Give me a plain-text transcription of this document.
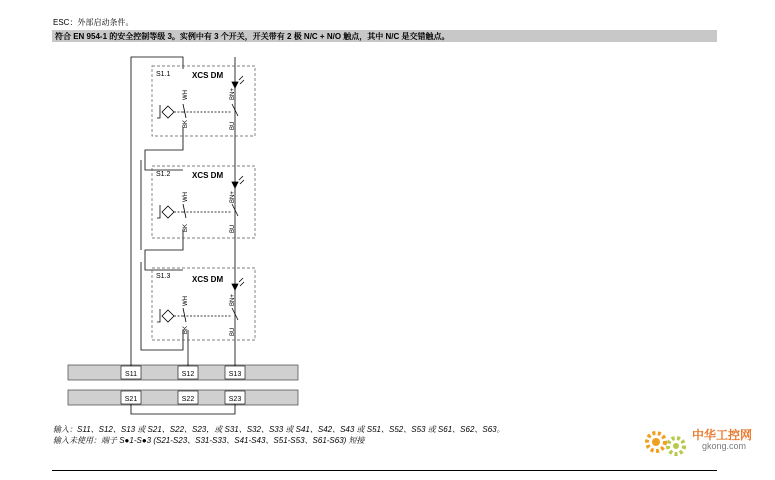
ESC：外部启动条件。
符合 EN 954-1 的安全控制等级 3。实例中有 3 个开关，开关带有 2 极 N/C + N/O 触点，其中 N/C 是交错触点。
S11	S12	S13
S21	S22	S23
S1.1	XCS DM
WH
BK
BN+
BU
S1.2	XCS DM
WH
BK
BN+
BU
S1.3	XCS DM
WH
BK
BN+
BU
输入：S11、S12、S13 或 S21、S22、S23，或 S31、S32、S33 或 S41、S42、S43 或 S51、S52、S53 或 S61、S62、S63。
输入未使用：端子 S●1-S●3 (S21-S23、S31-S33、S41-S43、S51-S53、S61-S63) 短接	中华工控网
gkong.com
